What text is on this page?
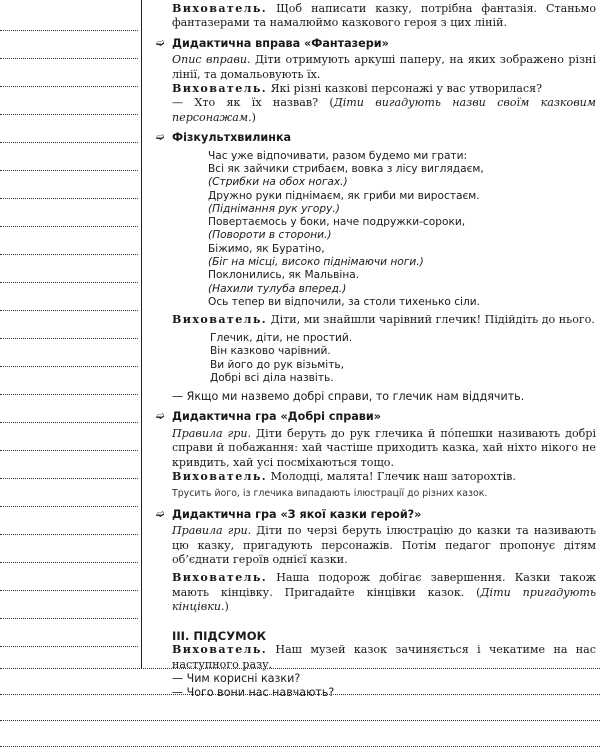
Вихователь. Щоб написати казку, потрібна фантазія. Станьмо фантазерами та намалюймо казкового героя з цих ліній.

➫︎ Дидактична вправа «Фантазери»

Опис вправи. Діти отримують аркуші паперу, на яких зображено різні лінії, та домальовують їх.

Вихователь. Які різні казкові персонажі у вас утворилася?

— Хто як їх назвав? (Діти вигадують назви своїм казковим персонажам.)

➫︎ Фізкультхвилинка
Час уже відпочивати, разом будемо ми грати:
Всі як зайчики стрибаєм, вовка з лісу виглядаєм,
(Стрибки на обох ногах.)
Дружно руки піднімаєм, як гриби ми виростаєм.
(Піднімання рук угору.)
Повертаємось у боки, наче подружки-сороки,
(Повороти в сторони.)
Біжимо, як Буратіно,
(Біг на місці, високо піднімаючи ноги.)
Поклонились, як Мальвіна.
(Нахили тулуба вперед.)
Ось тепер ви відпочили, за столи тихенько сіли.

Вихователь. Діти, ми знайшли чарівний глечик! Підійдіть до нього.

Глечик, діти, не простий.
Він казково чарівний.
Ви його до рук візьміть,
Добрі всі діла назвіть.

— Якщо ми назвемо добрі справи, то глечик нам віддячить.

➫︎ Дидактична гра «Добрі справи»

Правила гри. Діти беруть до рук глечика й по́пешки називають добрі справи й побажання: хай частіше приходить казка, хай ніхто нікого не кривдить, хай усі посміхаються тощо.

Вихователь. Молодці, малята! Глечик наш заторохтів.

Трусить його, із глечика випадають ілюстрації до різних казок.

➫︎ Дидактична гра «З якої казки герой?»

Правила гри. Діти по черзі беруть ілюстрацію до казки та називають цю казку, пригадують персонажів. Потім педагог пропонує дітям об’єднати героїв однієї казки.

Вихователь. Наша подорож добігає завершення. Казки також мають кінцівку. Пригадайте кінцівки казок. (Діти пригадують кінцівки.)

ІІІ. ПІДСУМОК

Вихователь. Наш музей казок зачиняється і чекатиме на нас наступного разу.

— Чим корисні казки?

— Чого вони нас навчають?
